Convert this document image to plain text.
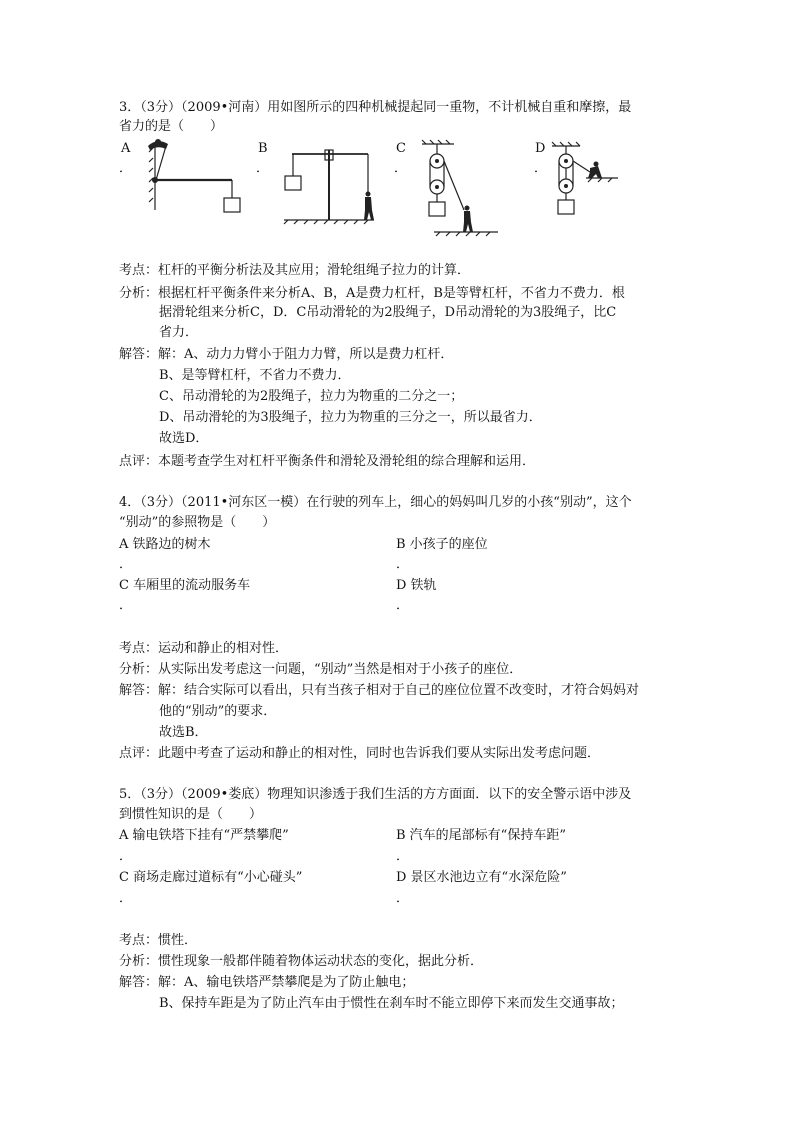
3．（3分）（2009•河南）用如图所示的四种机械提起同一重物，不计机械自重和摩擦，最
省力的是（　　）
A
．
B
．
C
．
D
．
考点：杠杆的平衡分析法及其应用；滑轮组绳子拉力的计算．
分析：根据杠杆平衡条件来分析A、B，A是费力杠杆，B是等臂杠杆，不省力不费力．根
据滑轮组来分析C，D．C吊动滑轮的为2股绳子，D吊动滑轮的为3股绳子，比C
省力．
解答：解：A、动力力臂小于阻力力臂，所以是费力杠杆．
B、是等臂杠杆，不省力不费力．
C、吊动滑轮的为2股绳子，拉力为物重的二分之一；
D、吊动滑轮的为3股绳子，拉力为物重的三分之一，所以最省力．
故选D．
点评：本题考查学生对杠杆平衡条件和滑轮及滑轮组的综合理解和运用．
4．（3分）（2011•河东区一模）在行驶的列车上，细心的妈妈叫几岁的小孩“别动”，这个
“别动”的参照物是（　　）
A 铁路边的树木
．
B 小孩子的座位
．
C 车厢里的流动服务车
．
D 铁轨
．
考点：运动和静止的相对性．
分析：从实际出发考虑这一问题，“别动”当然是相对于小孩子的座位．
解答：解：结合实际可以看出，只有当孩子相对于自己的座位位置不改变时，才符合妈妈对
他的“别动”的要求．
故选B．
点评：此题中考查了运动和静止的相对性，同时也告诉我们要从实际出发考虑问题．
5．（3分）（2009•娄底）物理知识渗透于我们生活的方方面面．以下的安全警示语中涉及
到惯性知识的是（　　）
A 输电铁塔下挂有“严禁攀爬”
．
B 汽车的尾部标有“保持车距”
．
C 商场走廊过道标有“小心碰头”
．
D 景区水池边立有“水深危险”
．
考点：惯性．
分析：惯性现象一般都伴随着物体运动状态的变化，据此分析．
解答：解：A、输电铁塔严禁攀爬是为了防止触电；
B、保持车距是为了防止汽车由于惯性在刹车时不能立即停下来而发生交通事故；
